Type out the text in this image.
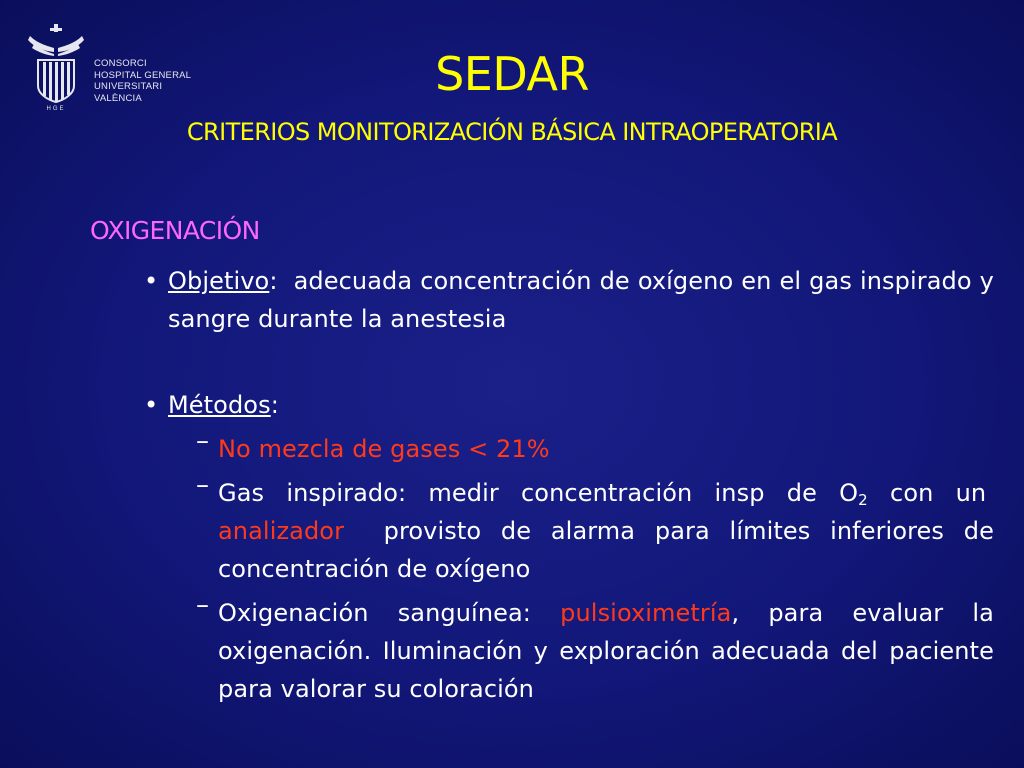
HGE
CONSORCI
HOSPITAL GENERAL
UNIVERSITARI
VALÈNCIA	SEDAR
CRITERIOS MONITORIZACIÓN BÁSICA INTRAOPERATORIA
OXIGENACIÓN
• Objetivo: adecuada concentración de oxígeno en el gas inspirado y sangre durante la anestesia
• Métodos:
– No mezcla de gases < 21%
– Gas inspirado: medir concentración insp de $O_2$ con un  analizador provisto de alarma para límites inferiores de concentración de oxígeno
– Oxigenación sanguínea: pulsioximetría, para evaluar la oxigenación. Iluminación y exploración adecuada del paciente para valorar su coloración
